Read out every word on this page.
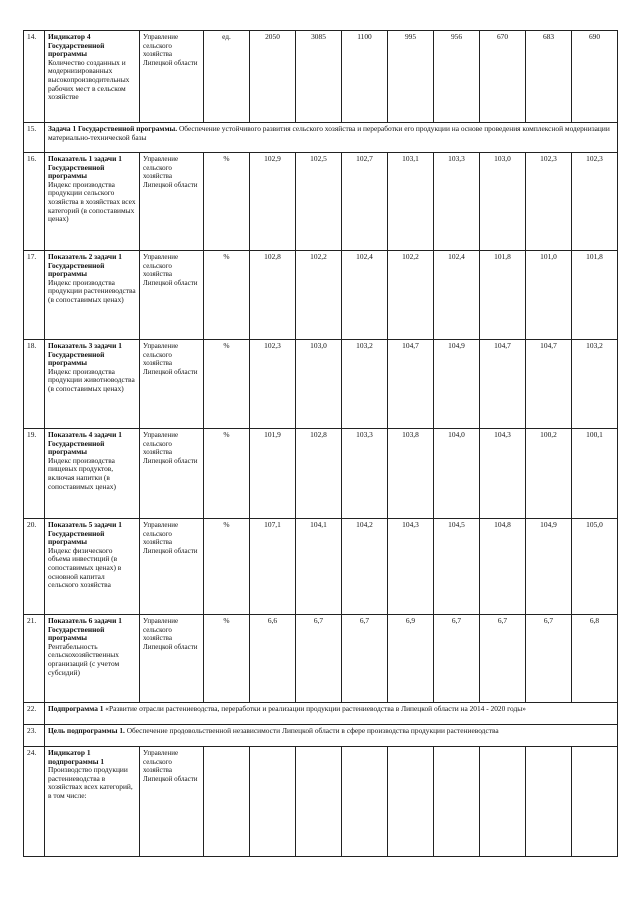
14.	Индикатор 4 Государственной программы
Количество созданных и модернизированных высокопроизводительных рабочих мест в сельском хозяйстве	Управление сельского хозяйства Липецкой области	ед.	2050	3085	1100	995	956	670	683	690
15.	Задача 1 Государственной программы. Обеспечение устойчивого развития сельского хозяйства и переработки его продукции на основе проведения комплексной модернизации материально-технической базы										
16.	Показатель 1 задачи 1 Государственной программы
Индекс производства продукции сельского хозяйства в хозяйствах всех категорий (в сопоставимых ценах)	Управление сельского хозяйства Липецкой области	%	102,9	102,5	102,7	103,1	103,3	103,0	102,3	102,3
17.	Показатель 2 задачи 1 Государственной программы
Индекс производства продукции растениеводства (в сопоставимых ценах)	Управление сельского хозяйства Липецкой области	%	102,8	102,2	102,4	102,2	102,4	101,8	101,0	101,8
18.	Показатель 3 задачи 1 Государственной программы
Индекс производства продукции животноводства (в сопоставимых ценах)	Управление сельского хозяйства Липецкой области	%	102,3	103,0	103,2	104,7	104,9	104,7	104,7	103,2
19.	Показатель 4 задачи 1 Государственной программы
Индекс производства пищевых продуктов, включая напитки (в сопоставимых ценах)	Управление сельского хозяйства Липецкой области	%	101,9	102,8	103,3	103,8	104,0	104,3	100,2	100,1
20.	Показатель 5 задачи 1 Государственной программы
Индекс физического объема инвестиций (в сопоставимых ценах) в основной капитал сельского хозяйства	Управление сельского хозяйства Липецкой области	%	107,1	104,1	104,2	104,3	104,5	104,8	104,9	105,0
21.	Показатель 6 задачи 1 Государственной программы
Рентабельность сельскохозяйственных организаций (с учетом субсидий)	Управление сельского хозяйства Липецкой области	%	6,6	6,7	6,7	6,9	6,7	6,7	6,7	6,8
22.	Подпрограмма 1 «Развитие отрасли растениеводства, переработки и реализации продукции растениеводства в Липецкой области на 2014 - 2020 годы»										
23.	Цель подпрограммы 1. Обеспечение продовольственной независимости Липецкой области в сфере производства продукции растениеводства										
24.	Индикатор 1 подпрограммы 1
Производство продукции растениеводства в хозяйствах всех категорий, в том числе:	Управление сельского хозяйства Липецкой области									
